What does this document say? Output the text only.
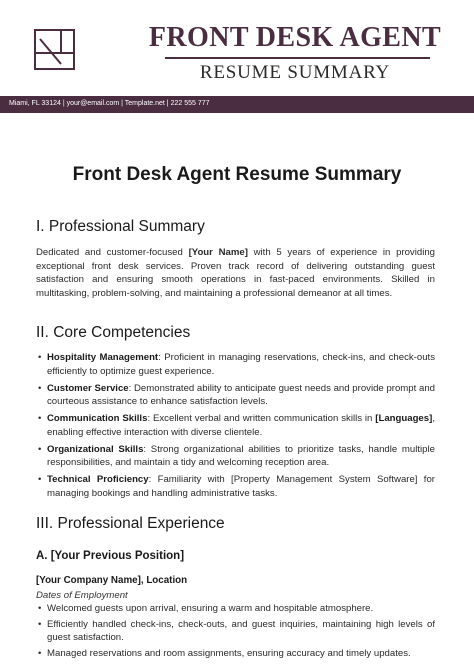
FRONT DESK AGENT
RESUME SUMMARY
Miami, FL 33124 | your@email.com | Template.net | 222 555 777
Front Desk Agent Resume Summary
I. Professional Summary
Dedicated and customer-focused [Your Name] with 5 years of experience in providing exceptional front desk services. Proven track record of delivering outstanding guest satisfaction and ensuring smooth operations in fast-paced environments. Skilled in multitasking, problem-solving, and maintaining a professional demeanor at all times.
II. Core Competencies
• Hospitality Management: Proficient in managing reservations, check-ins, and check-outs efficiently to optimize guest experience.
• Customer Service: Demonstrated ability to anticipate guest needs and provide prompt and courteous assistance to enhance satisfaction levels.
• Communication Skills: Excellent verbal and written communication skills in [Languages], enabling effective interaction with diverse clientele.
• Organizational Skills: Strong organizational abilities to prioritize tasks, handle multiple responsibilities, and maintain a tidy and welcoming reception area.
• Technical Proficiency: Familiarity with [Property Management System Software] for managing bookings and handling administrative tasks.
III. Professional Experience
A. [Your Previous Position]
[Your Company Name], Location
Dates of Employment
• Welcomed guests upon arrival, ensuring a warm and hospitable atmosphere.
• Efficiently handled check-ins, check-outs, and guest inquiries, maintaining high levels of guest satisfaction.
• Managed reservations and room assignments, ensuring accuracy and timely updates.
